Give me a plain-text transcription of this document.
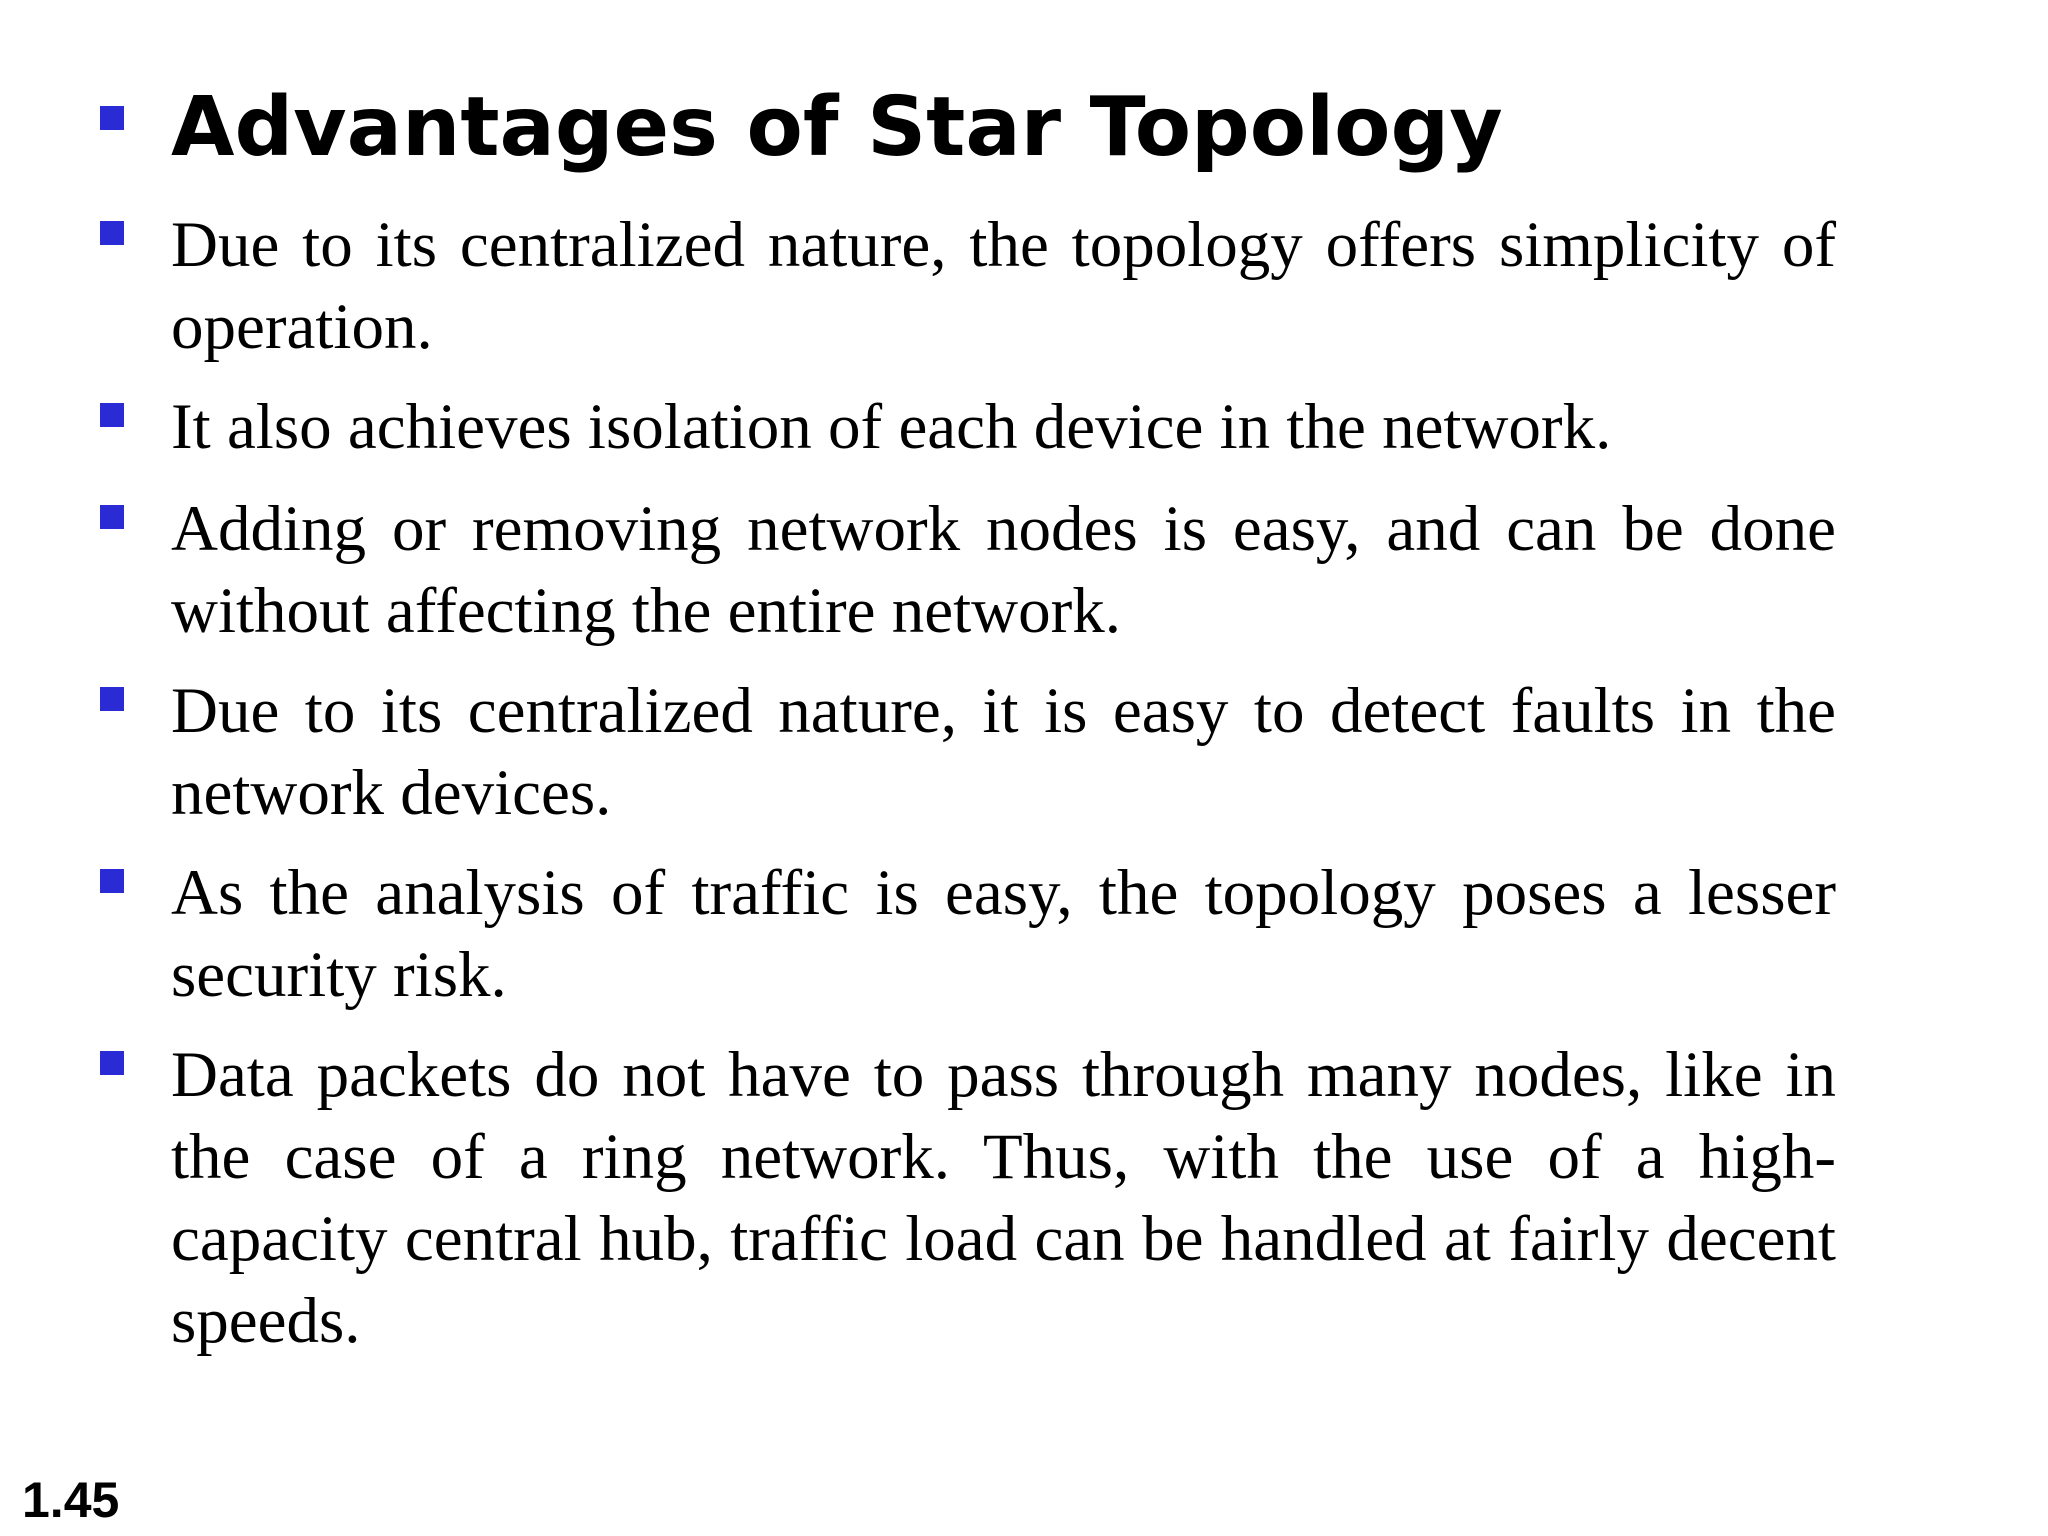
Advantages of Star Topology

Due to its centralized nature, the topology offers simplicity of operation.

It also achieves isolation of each device in the network.

Adding or removing network nodes is easy, and can be done without affecting the entire network.

Due to its centralized nature, it is easy to detect faults in the network devices.

As the analysis of traffic is easy, the topology poses a lesser security risk.

Data packets do not have to pass through many nodes, like in the case of a ring network. Thus, with the use of a high-capacity central hub, traffic load can be handled at fairly decent speeds.

1.45
